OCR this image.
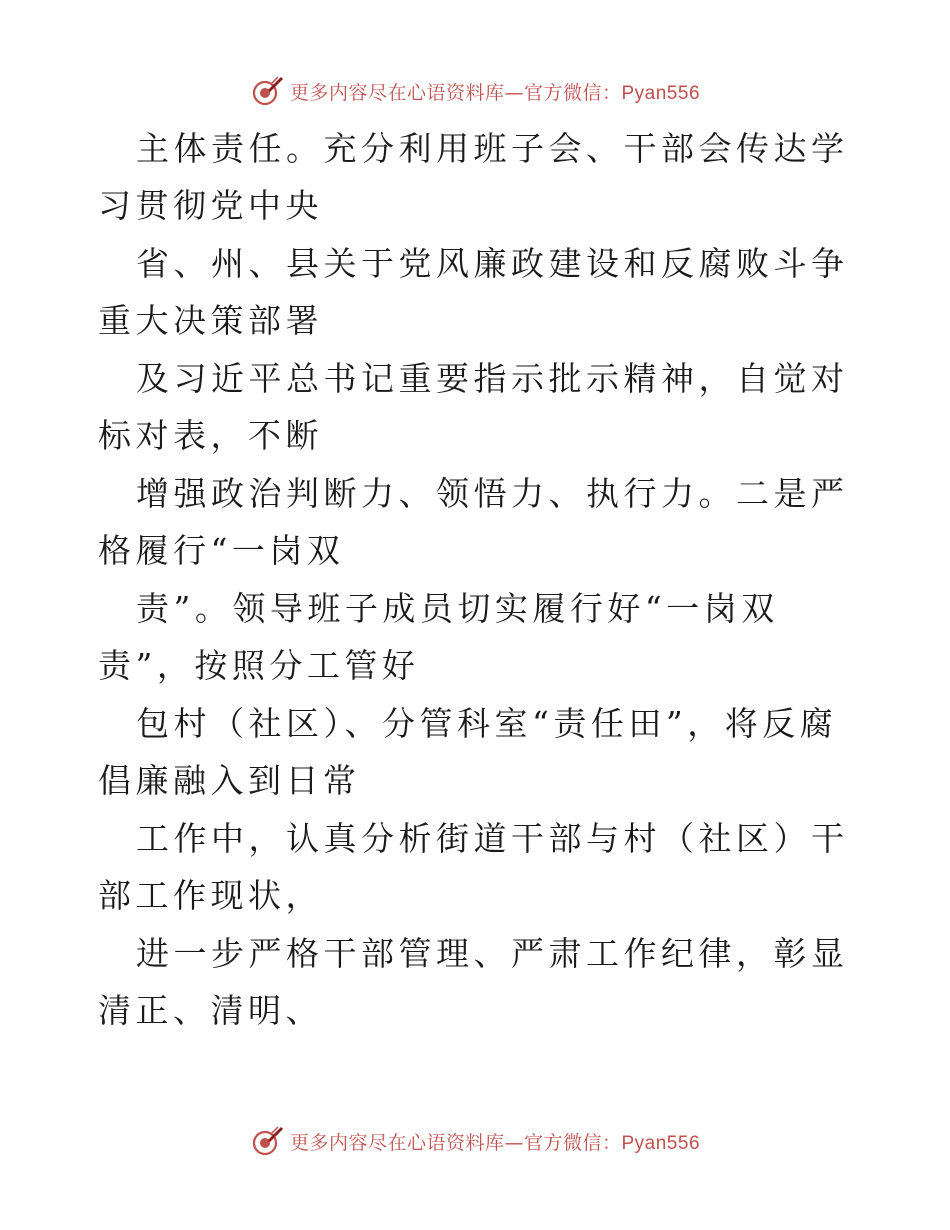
更多内容尽在心语资料库—官方微信：Pyan556

主体责任。充分利用班子会、干部会传达学习贯彻党中央

省、州、县关于党风廉政建设和反腐败斗争重大决策部署

及习近平总书记重要指示批示精神，自觉对标对表，不断

增强政治判断力、领悟力、执行力。二是严格履行“一岗双

责”。领导班子成员切实履行好“一岗双责”，按照分工管好

包村（社区）、分管科室“责任田”，将反腐倡廉融入到日常

工作中，认真分析街道干部与村（社区）干部工作现状，

进一步严格干部管理、严肃工作纪律，彰显清正、清明、

更多内容尽在心语资料库—官方微信：Pyan556
